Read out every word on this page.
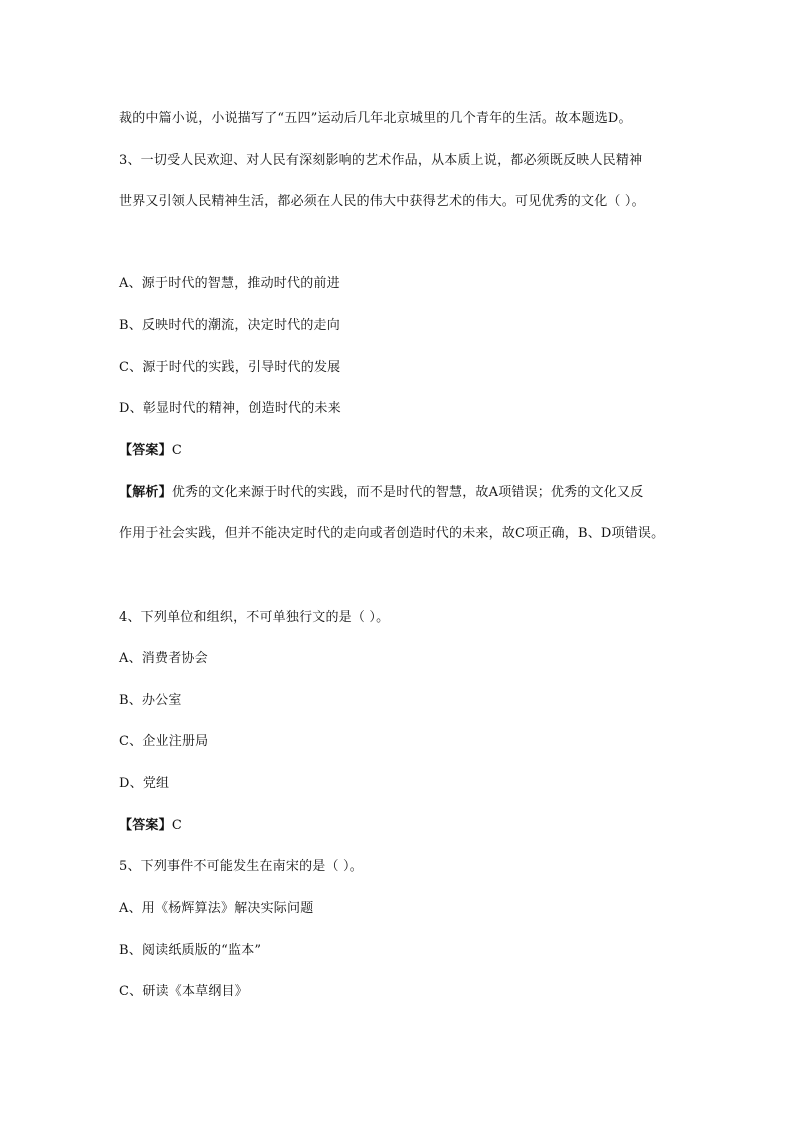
裁的中篇小说，小说描写了“五四”运动后几年北京城里的几个青年的生活。故本题选D。
3、一切受人民欢迎、对人民有深刻影响的艺术作品，从本质上说，都必须既反映人民精神
世界又引领人民精神生活，都必须在人民的伟大中获得艺术的伟大。可见优秀的文化（ ）。
A、源于时代的智慧，推动时代的前进
B、反映时代的潮流，决定时代的走向
C、源于时代的实践，引导时代的发展
D、彰显时代的精神，创造时代的未来
【答案】C
【解析】优秀的文化来源于时代的实践，而不是时代的智慧，故A项错误；优秀的文化又反
作用于社会实践，但并不能决定时代的走向或者创造时代的未来，故C项正确，B、D项错误。
4、下列单位和组织，不可单独行文的是（ ）。
A、消费者协会
B、办公室
C、企业注册局
D、党组
【答案】C
5、下列事件不可能发生在南宋的是（ ）。
A、用《杨辉算法》解决实际问题
B、阅读纸质版的“监本”
C、研读《本草纲目》
